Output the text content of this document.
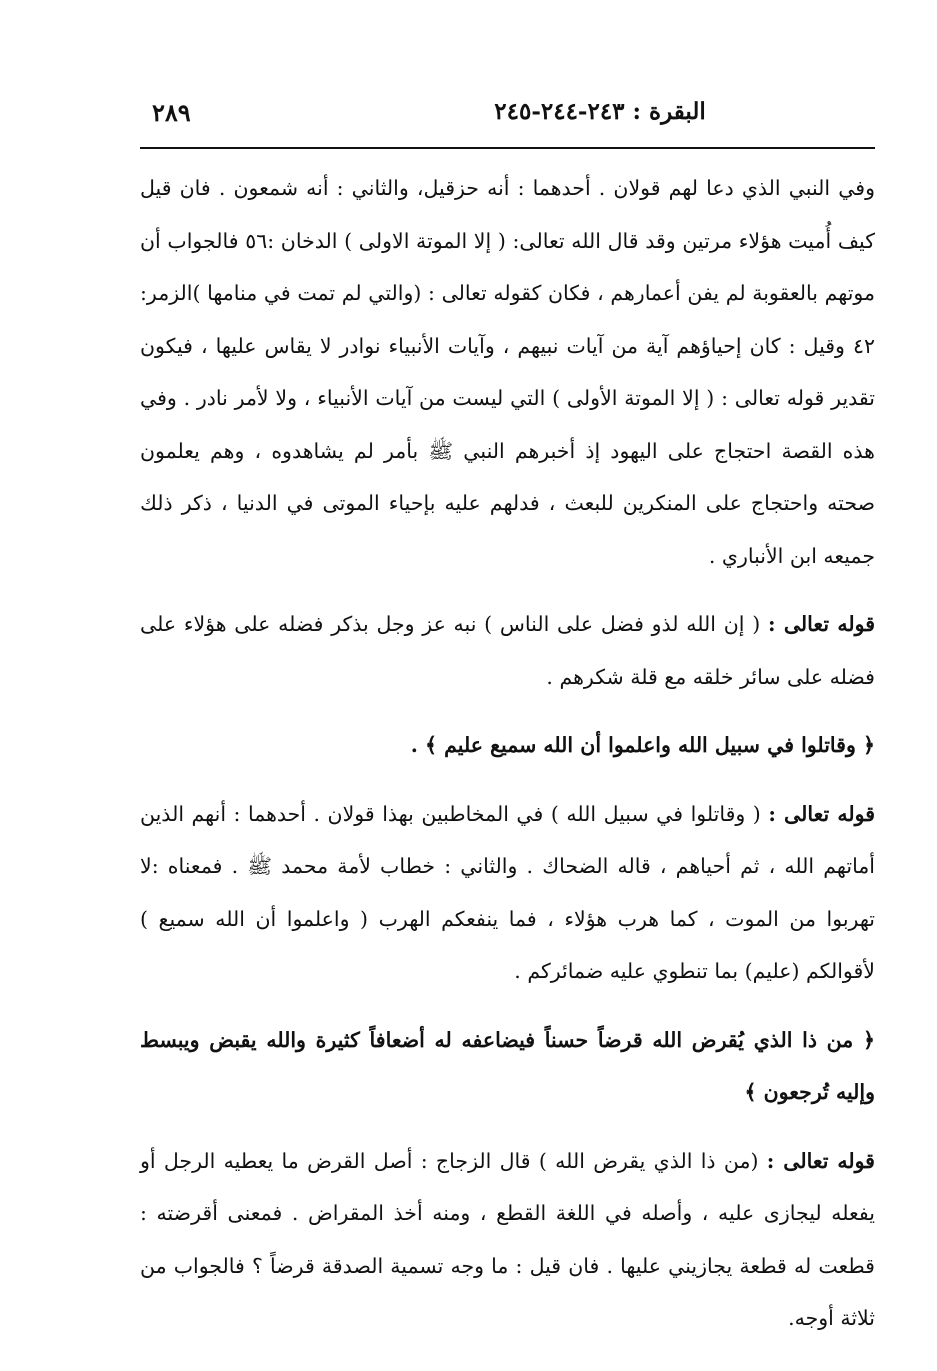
٢٨٩	البقرة : ٢٤٣-٢٤٤-٢٤٥

وفي النبي الذي دعا لهم قولان . أحدهما : أنه حزقيل، والثاني : أنه شمعون . فان قيل كيف أُميت هؤلاء مرتين وقد قال الله تعالى: ( إلا الموتة الاولى ) الدخان :٥٦ فالجواب أن موتهم بالعقوبة لم يفن أعمارهم ، فكان كقوله تعالى : (والتي لم تمت في منامها )الزمر: ٤٢ وقيل : كان إحياؤهم آية من آيات نبيهم ، وآيات الأنبياء نوادر لا يقاس عليها ، فيكون تقدير قوله تعالى : ( إلا الموتة الأولى ) التي ليست من آيات الأنبياء ، ولا لأمر نادر . وفي هذه القصة احتجاج على اليهود إذ أخبرهم النبي ﷺ بأمر لم يشاهدوه ، وهم يعلمون صحته واحتجاج على المنكرين للبعث ، فدلهم عليه بإحياء الموتى في الدنيا ، ذكر ذلك جميعه ابن الأنباري .

قوله تعالى : ( إن الله لذو فضل على الناس ) نبه عز وجل بذكر فضله على هؤلاء على فضله على سائر خلقه مع قلة شكرهم .

﴿ وقاتلوا في سبيل الله واعلموا أن الله سميع عليم ﴾ .

قوله تعالى : ( وقاتلوا في سبيل الله ) في المخاطبين بهذا قولان . أحدهما : أنهم الذين أماتهم الله ، ثم أحياهم ، قاله الضحاك . والثاني : خطاب لأمة محمد ﷺ . فمعناه :لا تهربوا من الموت ، كما هرب هؤلاء ، فما ينفعكم الهرب ( واعلموا أن الله سميع ) لأقوالكم (عليم) بما تنطوي عليه ضمائركم .

﴿ من ذا الذي يُقرض الله قرضاً حسناً فيضاعفه له أضعافاً كثيرة والله يقبض ويبسط وإليه تُرجعون ﴾

قوله تعالى : (من ذا الذي يقرض الله ) قال الزجاج : أصل القرض ما يعطيه الرجل أو يفعله ليجازى عليه ، وأصله في اللغة القطع ، ومنه أخذ المقراض . فمعنى أقرضته : قطعت له قطعة يجازيني عليها . فان قيل : ما وجه تسمية الصدقة قرضاً ؟ فالجواب من ثلاثة أوجه.
